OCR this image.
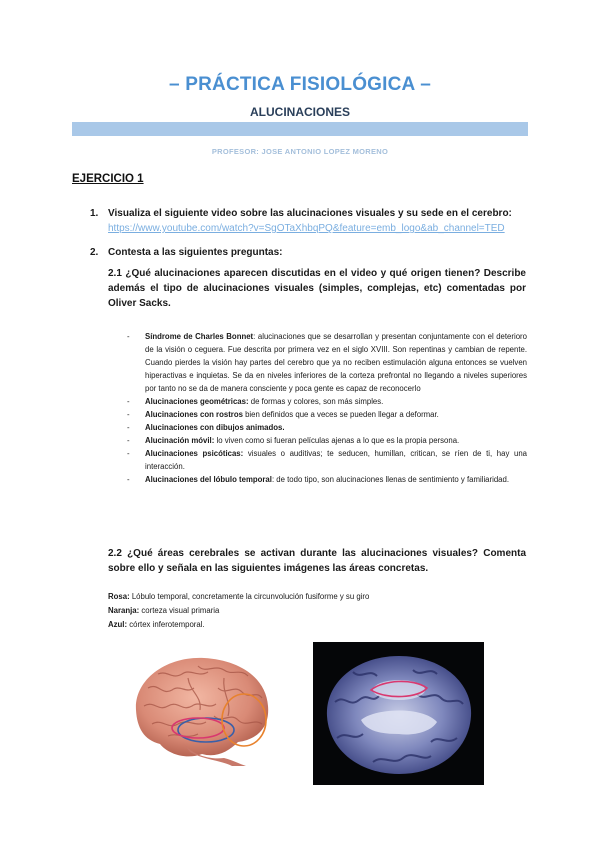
– PRÁCTICA FISIOLÓGICA –
ALUCINACIONES
PROFESOR: JOSE ANTONIO LOPEZ MORENO
EJERCICIO 1
1. Visualiza el siguiente video sobre las alucinaciones visuales y su sede en el cerebro:
https://www.youtube.com/watch?v=SgOTaXhbqPQ&feature=emb_logo&ab_channel=TED
2. Contesta a las siguientes preguntas:
2.1 ¿Qué alucinaciones aparecen discutidas en el video y qué origen tienen? Describe además el tipo de alucinaciones visuales (simples, complejas, etc) comentadas por Oliver Sacks.
- Síndrome de Charles Bonnet: alucinaciones que se desarrollan y presentan conjuntamente con el deterioro de la visión o ceguera. Fue descrita por primera vez en el siglo XVIII. Son repentinas y cambian de repente. Cuando pierdes la visión hay partes del cerebro que ya no reciben estimulación alguna entonces se vuelven hiperactivas e inquietas. Se da en niveles inferiores de la corteza prefrontal no llegando a niveles superiores por tanto no se da de manera consciente y poca gente es capaz de reconocerlo
- Alucinaciones geométricas: de formas y colores, son más simples.
- Alucinaciones con rostros bien definidos que a veces se pueden llegar a deformar.
- Alucinaciones con dibujos animados.
- Alucinación móvil: lo viven como si fueran películas ajenas a lo que es la propia persona.
- Alucinaciones psicóticas: visuales o auditivas; te seducen, humillan, critican, se ríen de ti, hay una interacción.
- Alucinaciones del lóbulo temporal: de todo tipo, son alucinaciones llenas de sentimiento y familiaridad.
2.2 ¿Qué áreas cerebrales se activan durante las alucinaciones visuales? Comenta sobre ello y señala en las siguientes imágenes las áreas concretas.
Rosa: Lóbulo temporal, concretamente la circunvolución fusiforme y su giro
Naranja: corteza visual primaria
Azul: córtex inferotemporal.
